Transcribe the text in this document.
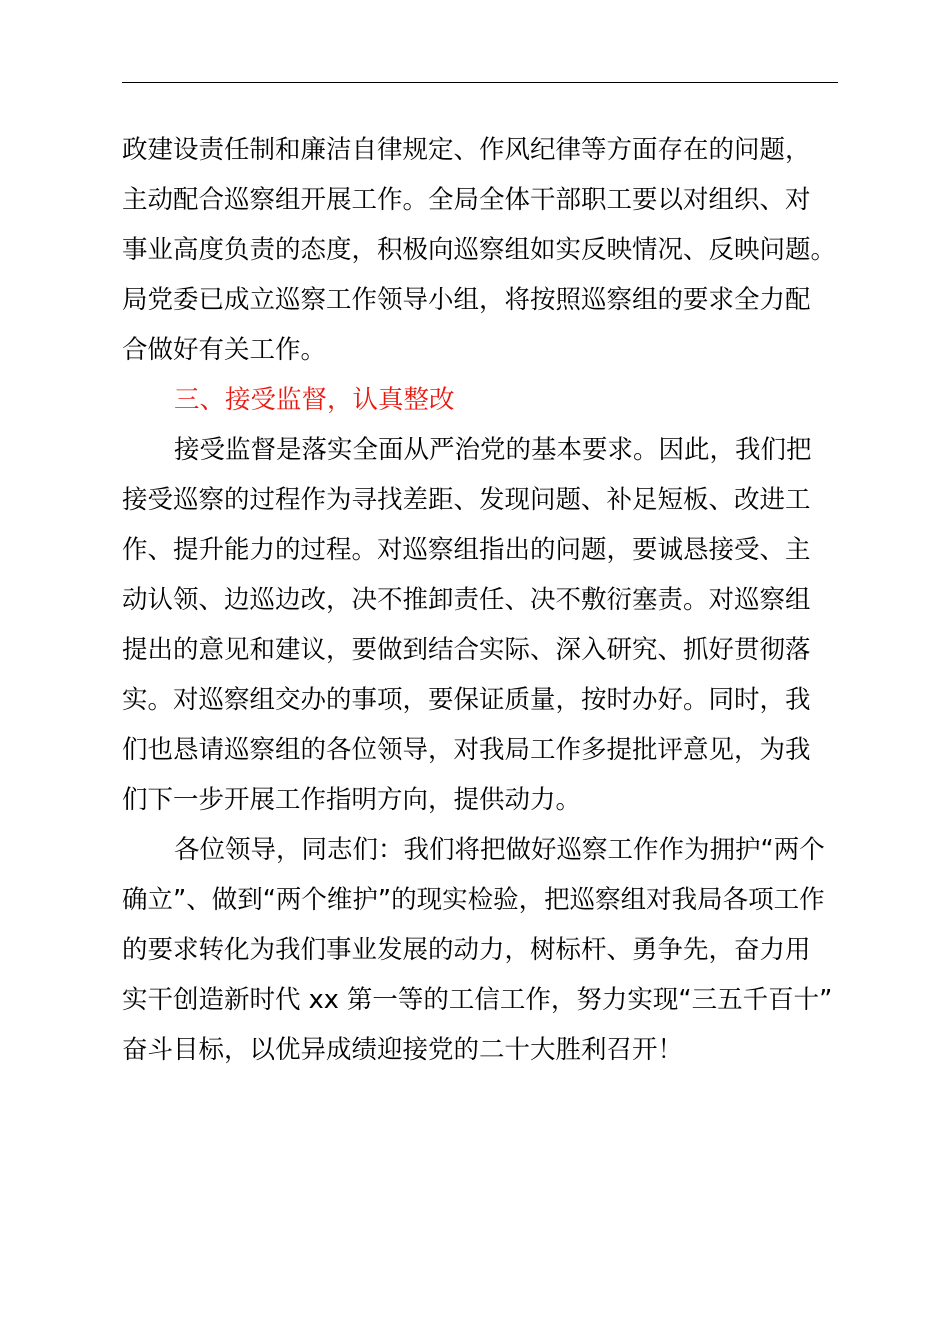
政建设责任制和廉洁自律规定、作风纪律等方面存在的问题，
主动配合巡察组开展工作。全局全体干部职工要以对组织、对
事业高度负责的态度，积极向巡察组如实反映情况、反映问题。
局党委已成立巡察工作领导小组，将按照巡察组的要求全力配
合做好有关工作。
三、接受监督，认真整改
接受监督是落实全面从严治党的基本要求。因此，我们把
接受巡察的过程作为寻找差距、发现问题、补足短板、改进工
作、提升能力的过程。对巡察组指出的问题，要诚恳接受、主
动认领、边巡边改，决不推卸责任、决不敷衍塞责。对巡察组
提出的意见和建议，要做到结合实际、深入研究、抓好贯彻落
实。对巡察组交办的事项，要保证质量，按时办好。同时，我
们也恳请巡察组的各位领导，对我局工作多提批评意见，为我
们下一步开展工作指明方向，提供动力。
各位领导，同志们：我们将把做好巡察工作作为拥护“两个
确立”、做到“两个维护”的现实检验，把巡察组对我局各项工作
的要求转化为我们事业发展的动力，树标杆、勇争先，奋力用
实干创造新时代 xx 第一等的工信工作，努力实现“三五千百十”
奋斗目标，以优异成绩迎接党的二十大胜利召开！
